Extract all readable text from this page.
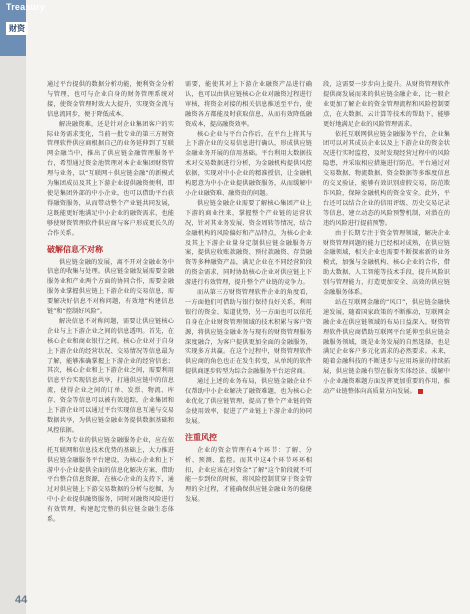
Treasury
财资

通过平台提供的数据分析功能，便利资金分析与管理，也可与企业自身的财务管理系统对接，使资金管理时效大大提升，实现资金流与信息流同步，便于降低成本。

解决融资难，还是针对企业集团客户的实际业务需求变化，当前一批专业的第三方财资管理软件供应商根据自己的业务延伸到了互联网金融当中，推出了供应链金融管理服务平台，希望通过资金池管理对本企业集团财资管理与业务，以“互联网＋供应链金融”的新模式为集团成员及其上下游企业提供融资便利，即使是集团外部的中小企业，也可以借助平台获得融资服务，从而带动整个产业链共同发展，这既能更好地满足中小企业的融资需求，也能够使财资管理软件供应商与客户形成更长久的合作关系。

破解信息不对称

供应链金融的发展，离不开对金融业务中信息的收集与处理。供应链金融发展需要金融服务业和产业两个方面的协同合作，需要金融服务业掌握供应链上下游企业的交易信息，需要解决好信息不对称问题，有效地“构建信息链”和“控制好风险”。

解决信息不对称问题，需要让供应链核心企业与上下游企业之间的信息透明。首先，在核心企业和商业银行之间，核心企业对于自身上下游企业的经营状况、交易情况等信息最为了解，能够准确掌握上下游企业的经营信息；其次，核心企业和上下游企业之间，需要利用信息平台实现信息共享，打通供应链中的信息流，使得企业之间的订单、发票、物流、库存、资金等信息可以被有效追踪，企业集团和上下游企业可以通过平台实现信息互通与交易数据共享，为供应链金融业务提供数据基础和风控依据。

作为专业的供应链金融服务企业，应在依托互联网和信息技术优势的基础上，大力推进供应链金融服务平台建设，为核心企业和上下游中小企业提供全面的信息化解决方案，借助平台整合信息资源，在核心企业的支持下，通过对供应链上下游交易数据的分析与挖掘，为中小企业提供融资服务，同时对融资风险进行有效管理，构建起完整的供应链金融生态体系。

需要，能使其对上下游企业融资产品进行确认，也可以由供应链核心企业对融资过程进行审核，将资金对接的相关信息推送至平台，使融资各方都能及时获取信息，从而有效降低融资成本，提高融资效率。

核心企业与平台合作后，在平台上将其与上下游企业的交易信息进行确认，形成供应链金融业务开展的信用基础。平台利用大数据技术对交易数据进行分析，为金融机构提供风控依据，实现对中小企业的精准授信，让金融机构愿意为中小企业提供融资服务，从而缓解中小企业融资难、融资贵的问题。

供应链金融企业需要了解核心集团产业上下游的商业往来，掌握整个产业链的运营状况，针对其业务发展、资金周转等情况，结合金融机构的风险偏好和产品特点，为核心企业及其上下游企业量身定制供应链金融服务方案，提供应收账款融资、预付款融资、存货融资等多种融资产品，满足企业在不同经营阶段的资金需求，同时协助核心企业对供应链上下游进行有效管理，提升整个产业链的竞争力。

而从第三方财资管理软件企业的角度看，一方面他们可借助与银行保持良好关系，利用银行的资金、渠道优势，另一方面也可以依托自身在企业财资管理领域的技术积累与客户资源，将供应链金融业务与现有的财资管理服务深度融合，为客户提供更加全面的金融服务，实现多方共赢。在这个过程中，财资管理软件供应商的角色也正在发生转变，从单纯的软件提供商逐步转型为综合金融服务平台运营商。

通过上述的业务布局，供应链金融企业不仅帮助中小企业解决了融资难题，也为核心企业优化了供应链管理，提高了整个产业链的资金使用效率，促进了产业链上下游企业的协同发展。

注重风控

企业的资金管理有4个环节：了解、分析、预测、监控。而其中这4个环节环环相扣，企业应该在对资金“了解”这个阶段就不可能一步到位的时候，将风险控制贯穿于资金管理的全过程，才能确保供应链金融业务的稳健发展。

段，这需要一步步向上提升。从财资管理软件提供商发展而来的供应链金融企业，比一般企业更加了解企业的资金管理流程和风险控制要点，在大数据、云计算等技术的帮助下，能够更好地满足企业的风险管理需求。

依托互联网供应链金融服务平台，企业集团可以对其成员企业以及上下游企业的资金状况进行实时监控，及时发现经营过程中的风险隐患，并采取相应措施进行防范。平台通过对交易数据、物流数据、资金数据等多维度信息的交叉验证，能够有效识别虚假交易，防范欺诈风险，保障金融机构的资金安全。此外，平台还可以结合企业的信用评级、历史交易记录等信息，建立动态的风险预警机制，对潜在的违约风险进行提前预警。

由于长期专注于资金管理领域，解决企业财资管理问题的能力已经相对成熟，在供应链金融领域，相关企业也需要不断探索新的业务模式，加强与金融机构、核心企业的合作，借助大数据、人工智能等技术手段，提升风险识别与管理能力，打造更加安全、高效的供应链金融服务体系。

站在互联网金融的“风口”，供应链金融快速发展，随着国家政策的不断推动，互联网金融企业在供应链领域的布局日益深入。财资管理软件供应商借助互联网平台延伸至供应链金融服务领域，既是业务发展的自然选择，也是满足企业客户多元化需求的必然要求。未来，随着金融科技的不断进步与应用场景的持续拓展，供应链金融有望在服务实体经济、缓解中小企业融资难题方面发挥更加重要的作用，推动产业链整体向高质量方向发展。

44
